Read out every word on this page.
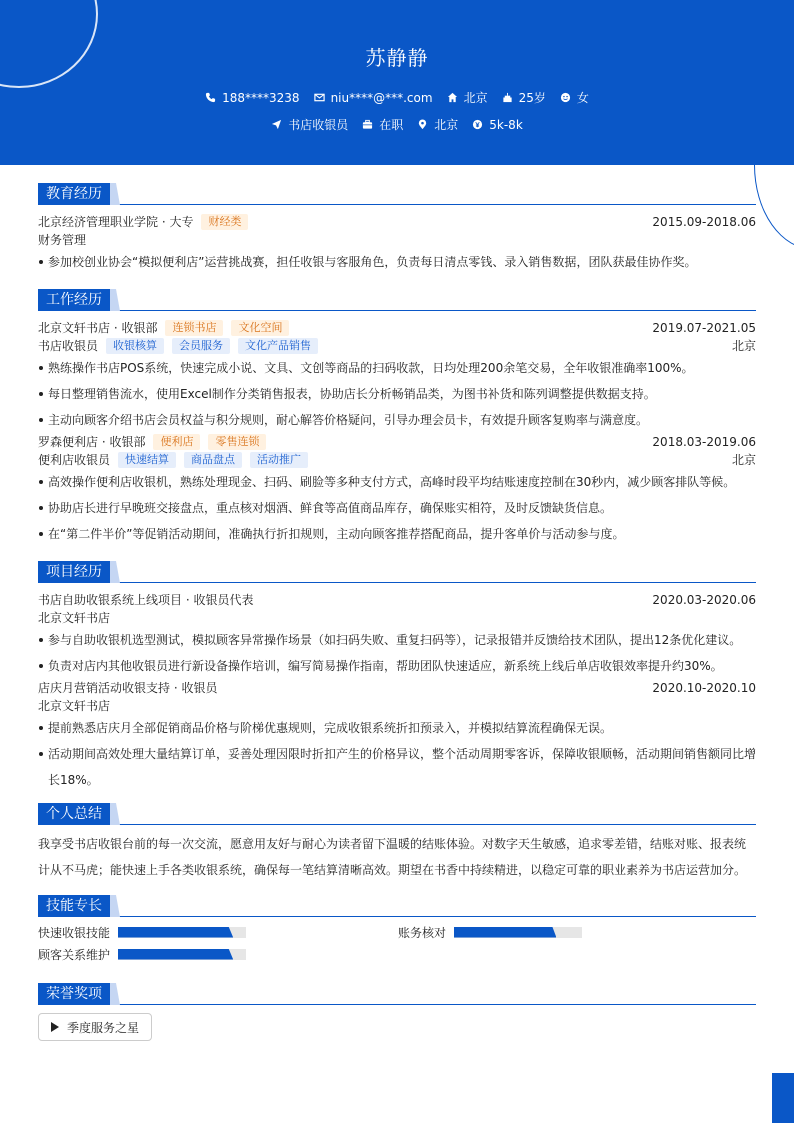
苏静静
188****3238	niu****@***.com	北京	25岁	女
书店收银员	在职	北京	5k-8k
教育经历
北京经济管理职业学院 · 大专	财经类	2015.09-2018.06
财务管理
参加校创业协会“模拟便利店”运营挑战赛，担任收银与客服角色，负责每日清点零钱、录入销售数据，团队获最佳协作奖。
工作经历
北京文轩书店 · 收银部	连锁书店	文化空间	2019.07-2021.05
书店收银员	收银核算	会员服务	文化产品销售	北京
熟练操作书店POS系统，快速完成小说、文具、文创等商品的扫码收款，日均处理200余笔交易，全年收银准确率100%。
每日整理销售流水，使用Excel制作分类销售报表，协助店长分析畅销品类，为图书补货和陈列调整提供数据支持。
主动向顾客介绍书店会员权益与积分规则，耐心解答价格疑问，引导办理会员卡，有效提升顾客复购率与满意度。
罗森便利店 · 收银部	便利店	零售连锁	2018.03-2019.06
便利店收银员	快速结算	商品盘点	活动推广	北京
高效操作便利店收银机，熟练处理现金、扫码、刷脸等多种支付方式，高峰时段平均结账速度控制在30秒内，减少顾客排队等候。
协助店长进行早晚班交接盘点，重点核对烟酒、鲜食等高值商品库存，确保账实相符，及时反馈缺货信息。
在“第二件半价”等促销活动期间，准确执行折扣规则，主动向顾客推荐搭配商品，提升客单价与活动参与度。
项目经历
书店自助收银系统上线项目 · 收银员代表	2020.03-2020.06
北京文轩书店
参与自助收银机选型测试，模拟顾客异常操作场景（如扫码失败、重复扫码等），记录报错并反馈给技术团队，提出12条优化建议。
负责对店内其他收银员进行新设备操作培训，编写简易操作指南，帮助团队快速适应，新系统上线后单店收银效率提升约30%。
店庆月营销活动收银支持 · 收银员	2020.10-2020.10
北京文轩书店
提前熟悉店庆月全部促销商品价格与阶梯优惠规则，完成收银系统折扣预录入，并模拟结算流程确保无误。
活动期间高效处理大量结算订单，妥善处理因限时折扣产生的价格异议，整个活动周期零客诉，保障收银顺畅，活动期间销售额同比增长18%。
个人总结
我享受书店收银台前的每一次交流，愿意用友好与耐心为读者留下温暖的结账体验。对数字天生敏感，追求零差错，结账对账、报表统计从不马虎；能快速上手各类收银系统，确保每一笔结算清晰高效。期望在书香中持续精进，以稳定可靠的职业素养为书店运营加分。
技能专长
快速收银技能	账务核对
顾客关系维护
荣誉奖项
季度服务之星
